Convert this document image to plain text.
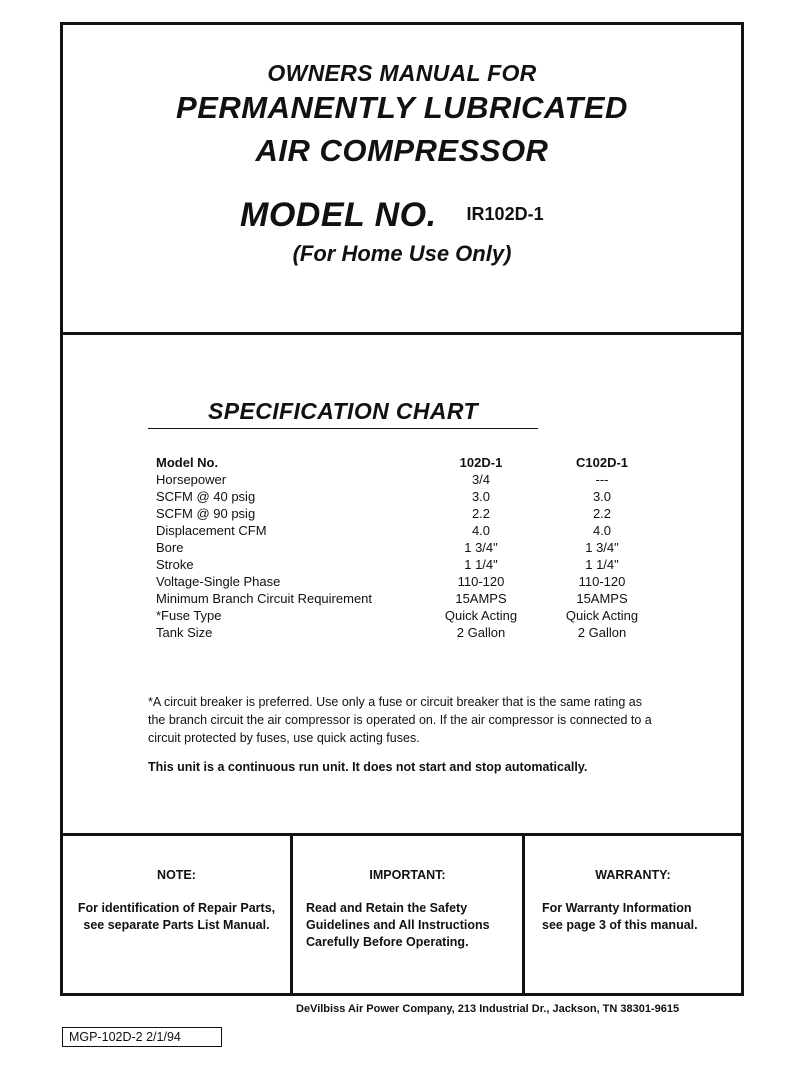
OWNERS MANUAL FOR
PERMANENTLY LUBRICATED
AIR COMPRESSOR
MODEL NO. IR102D-1
(For Home Use Only)
SPECIFICATION CHART
Model No.	102D-1	C102D-1
Horsepower	3/4	---
SCFM @ 40 psig	3.0	3.0
SCFM @ 90 psig	2.2	2.2
Displacement CFM	4.0	4.0
Bore	1 3/4"	1 3/4"
Stroke	1 1/4"	1 1/4"
Voltage-Single Phase	110-120	110-120
Minimum Branch Circuit Requirement	15AMPS	15AMPS
*Fuse Type	Quick Acting	Quick Acting
Tank Size	2 Gallon	2 Gallon
*A circuit breaker is preferred. Use only a fuse or circuit breaker that is the same rating as the branch circuit the air compressor is operated on. If the air compressor is connected to a circuit protected by fuses, use quick acting fuses.
This unit is a continuous run unit. It does not start and stop automatically.
NOTE:
For identification of Repair Parts,
see separate Parts List Manual.
IMPORTANT:
Read and Retain the Safety
Guidelines and All Instructions
Carefully Before Operating.
WARRANTY:
For Warranty Information
see page 3 of this manual.
DeVilbiss Air Power Company, 213 Industrial Dr., Jackson, TN 38301-9615
MGP-102D-2 2/1/94
